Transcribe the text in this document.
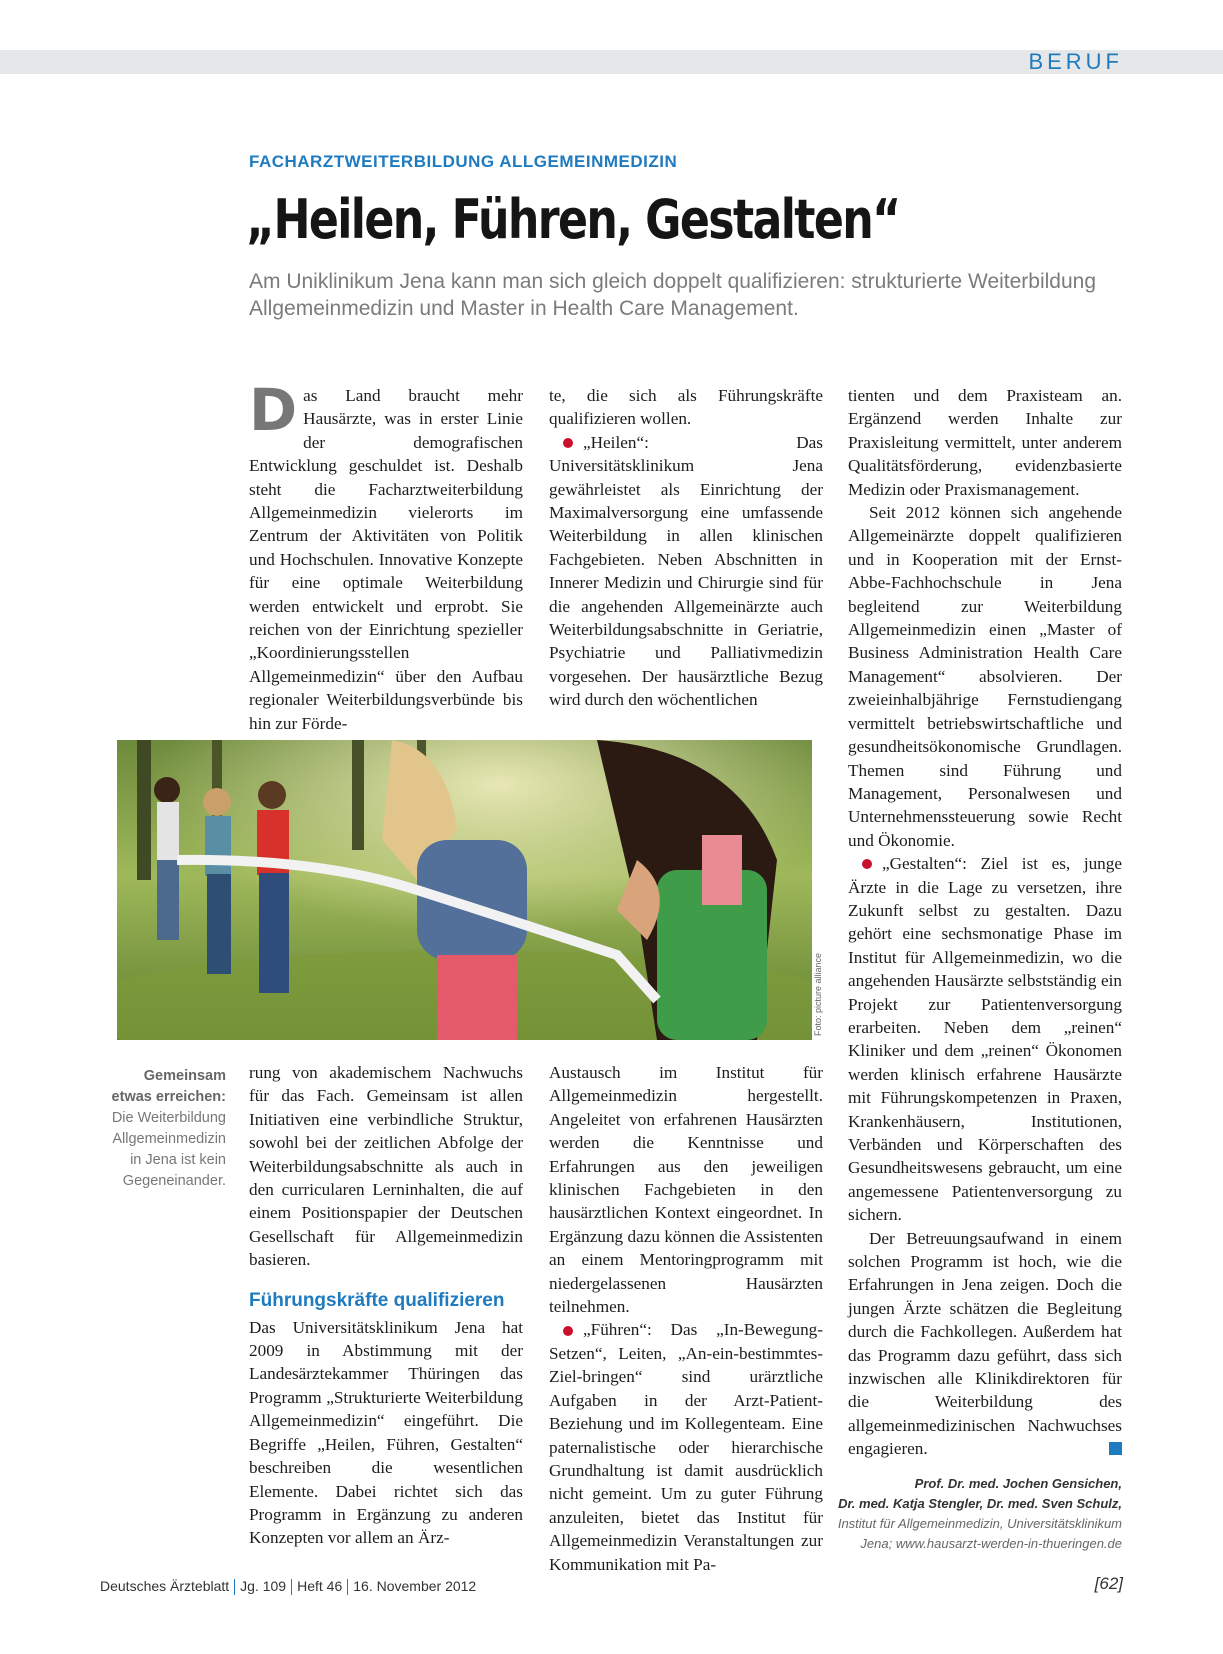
BERUF
FACHARZTWEITERBILDUNG ALLGEMEINMEDIZIN
„Heilen, Führen, Gestalten“

Am Uniklinikum Jena kann man sich gleich doppelt qualifizieren: strukturierte Weiterbildung Allgemeinmedizin und Master in Health Care Management.

Das Land braucht mehr Hausärzte, was in erster Linie der demografischen Entwicklung geschuldet ist. Deshalb steht die Facharztweiterbildung Allgemeinmedizin vielerorts im Zentrum der Aktivitäten von Politik und Hochschulen. Innovative Konzepte für eine optimale Weiterbildung werden entwickelt und erprobt. Sie reichen von der Einrichtung spezieller „Koordinierungsstellen Allgemeinmedizin“ über den Aufbau regionaler Weiterbildungsverbünde bis hin zur Förde-

te, die sich als Führungskräfte qualifizieren wollen.

„Heilen“: Das Universitätsklinikum Jena gewährleistet als Einrichtung der Maximalversorgung eine umfassende Weiterbildung in allen klinischen Fachgebieten. Neben Abschnitten in Innerer Medizin und Chirurgie sind für die angehenden Allgemeinärzte auch Weiterbildungsabschnitte in Geriatrie, Psychiatrie und Palliativmedizin vorgesehen. Der hausärztliche Bezug wird durch den wöchentlichen

tienten und dem Praxisteam an. Ergänzend werden Inhalte zur Praxisleitung vermittelt, unter anderem Qualitätsförderung, evidenzbasierte Medizin oder Praxismanagement.

Seit 2012 können sich angehende Allgemeinärzte doppelt qualifizieren und in Kooperation mit der Ernst-Abbe-Fachhochschule in Jena begleitend zur Weiterbildung Allgemeinmedizin einen „Master of Business Administration Health Care Management“ absolvieren. Der zweieinhalbjährige Fernstudiengang vermittelt betriebswirtschaftliche und gesundheitsökonomische Grundlagen. Themen sind Führung und Management, Personalwesen und Unternehmenssteuerung sowie Recht und Ökonomie.

„Gestalten“: Ziel ist es, junge Ärzte in die Lage zu versetzen, ihre Zukunft selbst zu gestalten. Dazu gehört eine sechsmonatige Phase im Institut für Allgemeinmedizin, wo die angehenden Hausärzte selbstständig ein Projekt zur Patientenversorgung erarbeiten. Neben dem „reinen“ Kliniker und dem „reinen“ Ökonomen werden klinisch erfahrene Hausärzte mit Führungskompetenzen in Praxen, Krankenhäusern, Institutionen, Verbänden und Körperschaften des Gesundheitswesens gebraucht, um eine angemessene Patientenversorgung zu sichern.

Der Betreuungsaufwand in einem solchen Programm ist hoch, wie die Erfahrungen in Jena zeigen. Doch die jungen Ärzte schätzen die Begleitung durch die Fachkollegen. Außerdem hat das Programm dazu geführt, dass sich inzwischen alle Klinikdirektoren für die Weiterbildung des allgemeinmedizinischen Nachwuchses engagieren.

Foto: picture alliance
Gemeinsam
etwas erreichen:
Die Weiterbildung Allgemeinmedizin in Jena ist kein Gegeneinander.

rung von akademischem Nachwuchs für das Fach. Gemeinsam ist allen Initiativen eine verbindliche Struktur, sowohl bei der zeitlichen Abfolge der Weiterbildungsabschnitte als auch in den curricularen Lerninhalten, die auf einem Positionspapier der Deutschen Gesellschaft für Allgemeinmedizin basieren.

Führungskräfte qualifizieren

Das Universitätsklinikum Jena hat 2009 in Abstimmung mit der Landesärztekammer Thüringen das Programm „Strukturierte Weiterbildung Allgemeinmedizin“ eingeführt. Die Begriffe „Heilen, Führen, Gestalten“ beschreiben die wesentlichen Elemente. Dabei richtet sich das Programm in Ergänzung zu anderen Konzepten vor allem an Ärz-

Austausch im Institut für Allgemeinmedizin hergestellt. Angeleitet von erfahrenen Hausärzten werden die Kenntnisse und Erfahrungen aus den jeweiligen klinischen Fachgebieten in den hausärztlichen Kontext eingeordnet. In Ergänzung dazu können die Assistenten an einem Mentoringprogramm mit niedergelassenen Hausärzten teilnehmen.

„Führen“: Das „In-Bewegung-Setzen“, Leiten, „An-ein-bestimmtes-Ziel-bringen“ sind urärztliche Aufgaben in der Arzt-Patient-Beziehung und im Kollegenteam. Eine paternalistische oder hierarchische Grundhaltung ist damit ausdrücklich nicht gemeint. Um zu guter Führung anzuleiten, bietet das Institut für Allgemeinmedizin Veranstaltungen zur Kommunikation mit Pa-

Prof. Dr. med. Jochen Gensichen,
Dr. med. Katja Stengler, Dr. med. Sven Schulz,
Institut für Allgemeinmedizin, Universitätsklinikum
Jena; www.hausarzt-werden-in-thueringen.de
Deutsches Ärzteblatt Jg. 109 Heft 46 16. November 2012	[62]
